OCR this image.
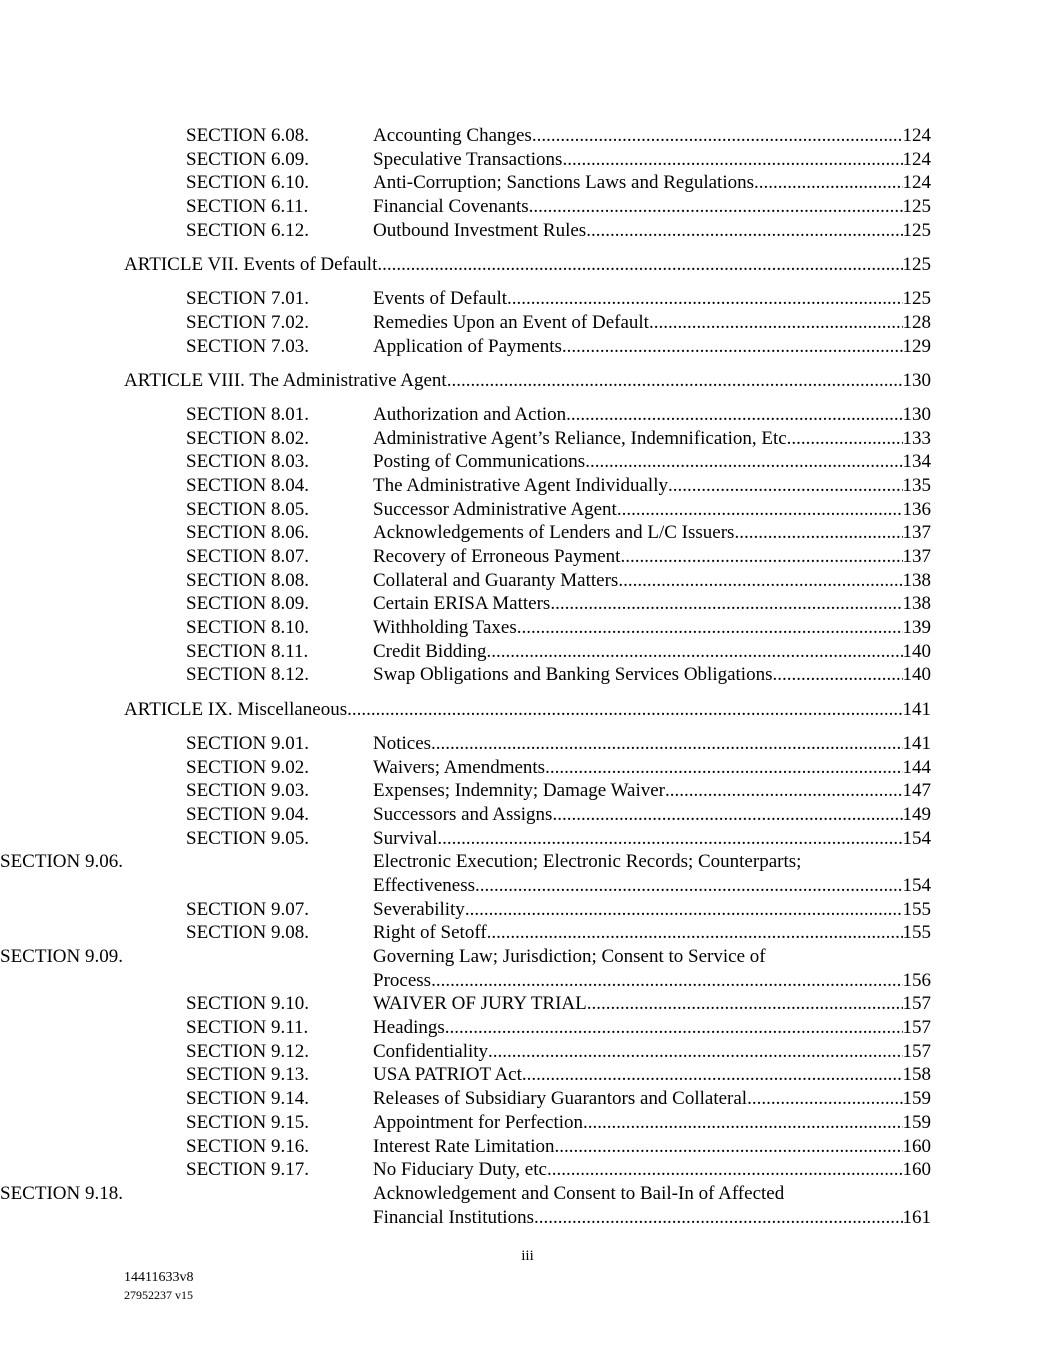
SECTION 6.08.	Accounting Changes .....	124
SECTION 6.09.	Speculative Transactions .....	124
SECTION 6.10.	Anti-Corruption; Sanctions Laws and Regulations .....	124
SECTION 6.11.	Financial Covenants .....	125
SECTION 6.12.	Outbound Investment Rules .....	125
ARTICLE VII. Events of Default .....	125
SECTION 7.01.	Events of Default .....	125
SECTION 7.02.	Remedies Upon an Event of Default .....	128
SECTION 7.03.	Application of Payments .....	129
ARTICLE VIII. The Administrative Agent .....	130
SECTION 8.01.	Authorization and Action .....	130
SECTION 8.02.	Administrative Agent’s Reliance, Indemnification, Etc .....	133
SECTION 8.03.	Posting of Communications .....	134
SECTION 8.04.	The Administrative Agent Individually .....	135
SECTION 8.05.	Successor Administrative Agent .....	136
SECTION 8.06.	Acknowledgements of Lenders and L/C Issuers .....	137
SECTION 8.07.	Recovery of Erroneous Payment .....	137
SECTION 8.08.	Collateral and Guaranty Matters .....	138
SECTION 8.09.	Certain ERISA Matters .....	138
SECTION 8.10.	Withholding Taxes .....	139
SECTION 8.11.	Credit Bidding .....	140
SECTION 8.12.	Swap Obligations and Banking Services Obligations .....	140
ARTICLE IX. Miscellaneous .....	141
SECTION 9.01.	Notices .....	141
SECTION 9.02.	Waivers; Amendments .....	144
SECTION 9.03.	Expenses; Indemnity; Damage Waiver .....	147
SECTION 9.04.	Successors and Assigns .....	149
SECTION 9.05.	Survival .....	154
SECTION 9.06.	Electronic Execution; Electronic Records; Counterparts;
Effectiveness .....	154
SECTION 9.07.	Severability .....	155
SECTION 9.08.	Right of Setoff .....	155
SECTION 9.09.	Governing Law; Jurisdiction; Consent to Service of
Process .....	156
SECTION 9.10.	WAIVER OF JURY TRIAL .....	157
SECTION 9.11.	Headings .....	157
SECTION 9.12.	Confidentiality .....	157
SECTION 9.13.	USA PATRIOT Act .....	158
SECTION 9.14.	Releases of Subsidiary Guarantors and Collateral .....	159
SECTION 9.15.	Appointment for Perfection .....	159
SECTION 9.16.	Interest Rate Limitation .....	160
SECTION 9.17.	No Fiduciary Duty, etc .....	160
SECTION 9.18.	Acknowledgement and Consent to Bail-In of Affected
Financial Institutions .....	161
iii
14411633v8
27952237 v15
